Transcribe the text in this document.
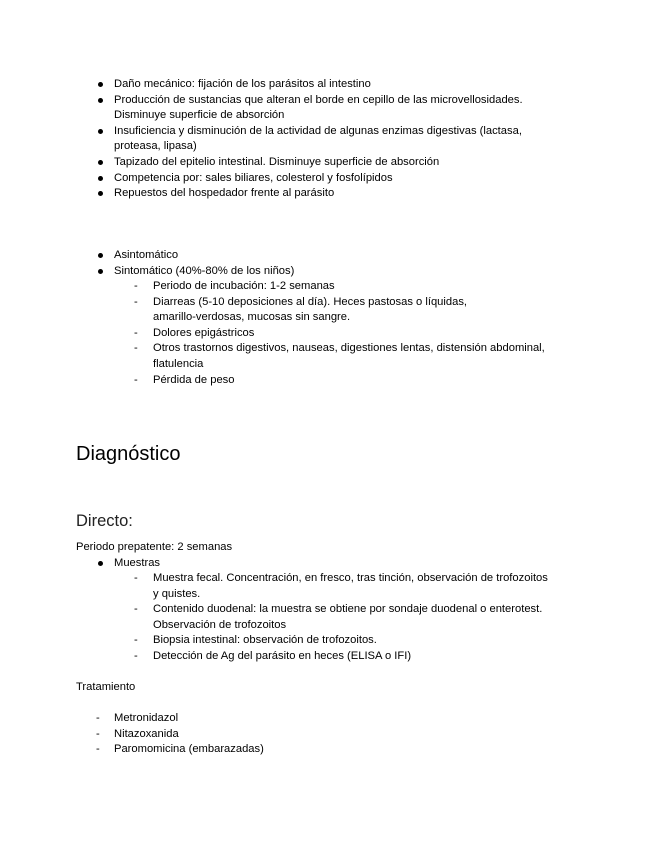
Daño mecánico: fijación de los parásitos al intestino
Producción de sustancias que alteran el borde en cepillo de las microvellosidades.
Disminuye superficie de absorción
Insuficiencia y disminución de la actividad de algunas enzimas digestivas (lactasa,
proteasa, lipasa)
Tapizado del epitelio intestinal. Disminuye superficie de absorción
Competencia por: sales biliares, colesterol y fosfolípidos
Repuestos del hospedador frente al parásito
Asintomático
Sintomático (40%-80% de los niños)
- Periodo de incubación: 1-2 semanas
- Diarreas (5-10 deposiciones al día). Heces pastosas o líquidas,
amarillo-verdosas, mucosas sin sangre.
- Dolores epigástricos
- Otros trastornos digestivos, nauseas, digestiones lentas, distensión abdominal,
flatulencia
- Pérdida de peso
Diagnóstico
Directo:
Periodo prepatente: 2 semanas
Muestras
- Muestra fecal. Concentración, en fresco, tras tinción, observación de trofozoitos
y quistes.
- Contenido duodenal: la muestra se obtiene por sondaje duodenal o enterotest.
Observación de trofozoitos
- Biopsia intestinal: observación de trofozoitos.
- Detección de Ag del parásito en heces (ELISA o IFI)
Tratamiento
- Metronidazol
- Nitazoxanida
- Paromomicina (embarazadas)
